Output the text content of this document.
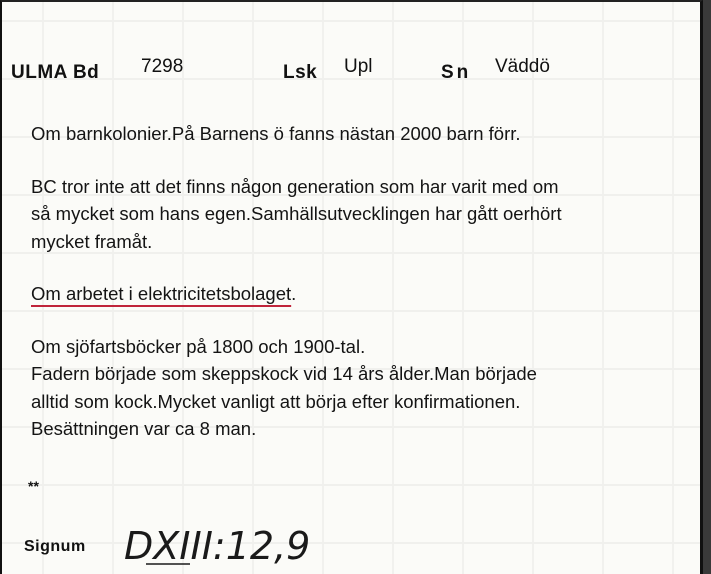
ULMA Bd 7298	Lsk Upl	Sn Väddö

Om barnkolonier.På Barnens ö fanns nästan 2000 barn förr.

BC tror inte att det finns någon generation som har varit med om
så mycket som hans egen.Samhällsutvecklingen har gått oerhört
mycket framåt.

Om arbetet i elektricitetsbolaget.

Om sjöfartsböcker på 1800 och 1900-tal.
Fadern började som skeppskock vid 14 års ålder.Man började
alltid som kock.Mycket vanligt att börja efter konfirmationen.
Besättningen var ca 8 man.

**
Signum DXIII:12,9
